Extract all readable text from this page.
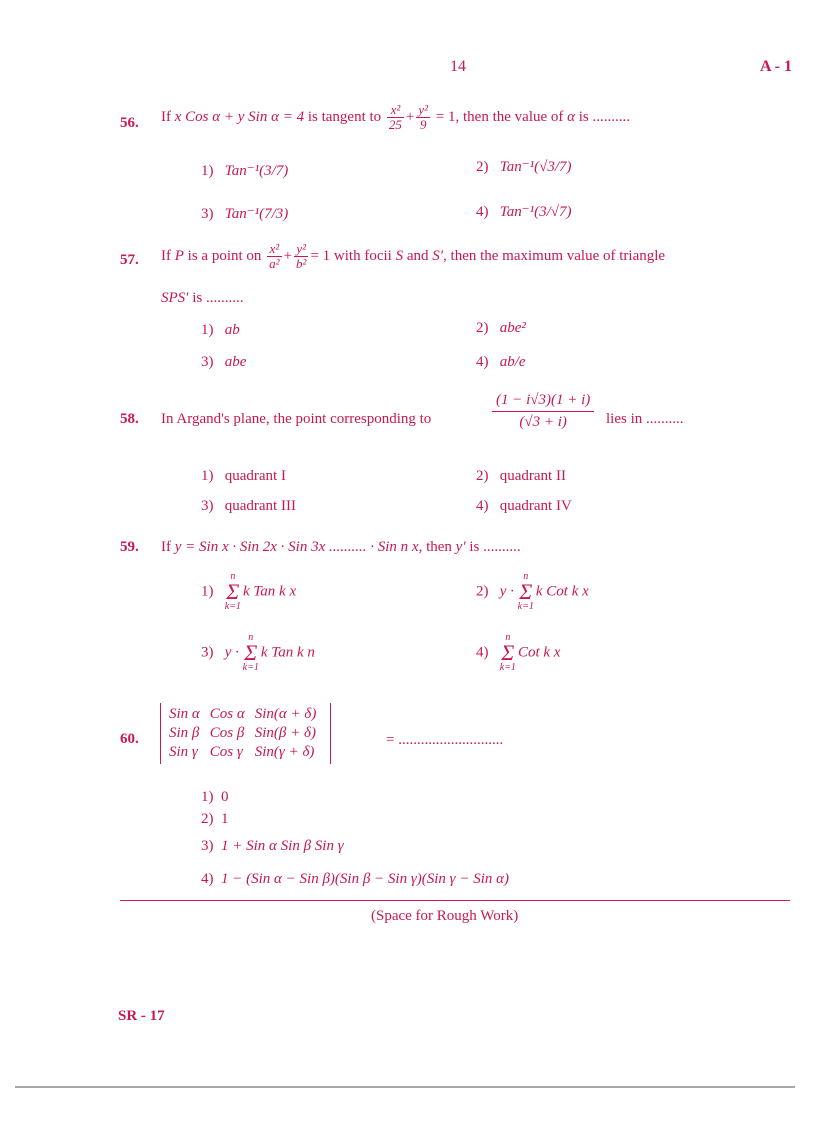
14	A - 1
56. If x Cos α + y Sin α = 4 is tangent to $\frac{\text{x²}}{25} + \frac{\text{y²}}{9} = 1$, then the value of α is ..........
1) Tan⁻¹(3/7)	2) Tan⁻¹(√3/7)
3) Tan⁻¹(7/3)	4) Tan⁻¹(3/√7)
57. If P is a point on $\frac{\text{x²}}{\text{a²}} + \frac{\text{y²}}{\text{b²}} = 1$ with focii S and S′, then the maximum value of triangle
SPS′ is ..........
1) ab	2) abe²
3) abe	4) ab/e
58. In Argand's plane, the point corresponding to	$\frac{(1 - i√3)(1 + i)}{(√3 + i)}$ lies in ..........
1) quadrant I	2) quadrant II
3) quadrant III	4) quadrant IV
59. If y = Sin x · Sin 2x · Sin 3x .......... · Sin n x, then y′ is ..........
1)   n
Σ
k=1k Tan k x	2) y · n
Σ
k=1k Cot k x
3) y · n
Σ
k=1k Tan k n	4)   n
Σ
k=1Cot k x
60.
Sin α	Cos α	Sin(α + δ)
Sin β	Cos β	Sin(β + δ)
Sin γ	Cos γ	Sin(γ + δ)
= ............................
1) 0
2) 1
3) 1 + Sin α Sin β Sin γ
4) 1 − (Sin α − Sin β)(Sin β − Sin γ)(Sin γ − Sin α)
(Space for Rough Work)
SR - 17
